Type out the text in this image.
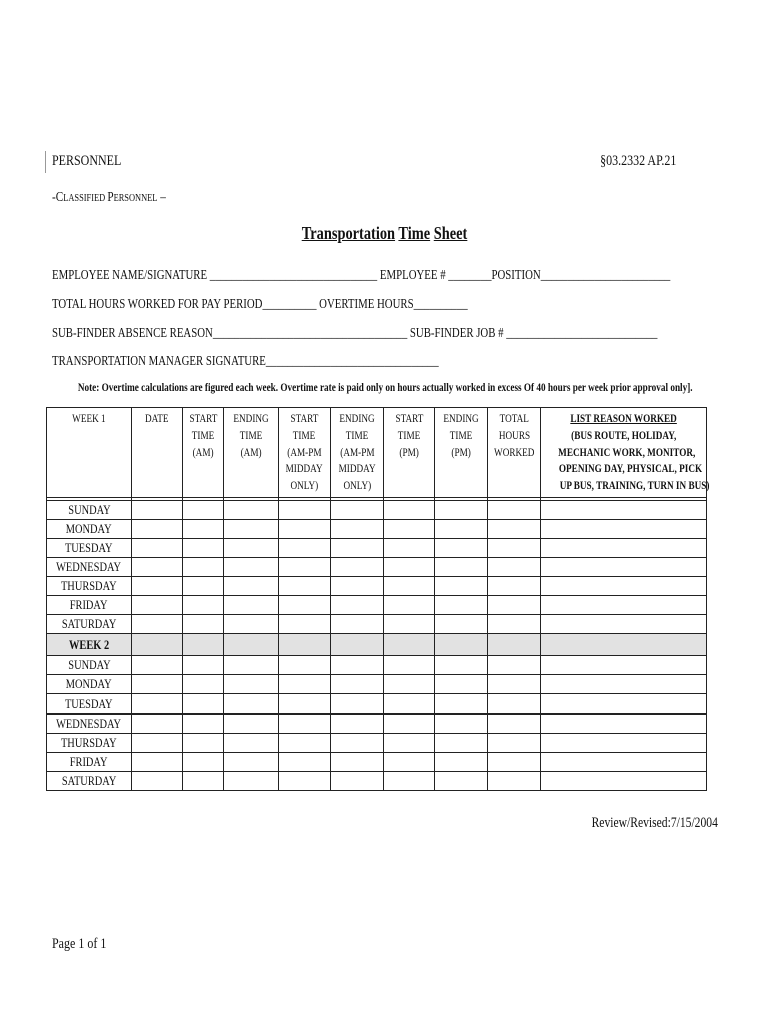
PERSONNEL	§03.2332 AP.21
-CLASSIFIED PERSONNEL –
Transportation Time Sheet
EMPLOYEE NAME/SIGNATURE _______________________________ EMPLOYEE # ________POSITION________________________
TOTAL HOURS WORKED FOR PAY PERIOD__________ OVERTIME HOURS__________
SUB-FINDER ABSENCE REASON____________________________________ SUB-FINDER JOB # ____________________________
TRANSPORTATION MANAGER SIGNATURE________________________________
Note: Overtime calculations are figured each week. Overtime rate is paid only on hours actually worked in excess Of 40 hours per week prior approval only].
WEEK 1	DATE	START
TIME
(AM)	ENDING
TIME
(AM)	START
TIME
(AM-PM
MIDDAY
ONLY)	ENDING
TIME
(AM-PM
MIDDAY
ONLY)	START
TIME
(PM)	ENDING
TIME
(PM)	TOTAL
HOURS
WORKED	LIST REASON WORKED
(BUS ROUTE, HOLIDAY,
MECHANIC WORK, MONITOR,
OPENING DAY, PHYSICAL, PICK
UP BUS, TRAINING, TURN IN BUS)

SUNDAY									
MONDAY									
TUESDAY									
WEDNESDAY									
THURSDAY									
FRIDAY									
SATURDAY									
WEEK 2									
SUNDAY									
MONDAY									
TUESDAY									
WEDNESDAY									
THURSDAY									
FRIDAY									
SATURDAY									
Review/Revised:7/15/2004
Page 1 of 1
